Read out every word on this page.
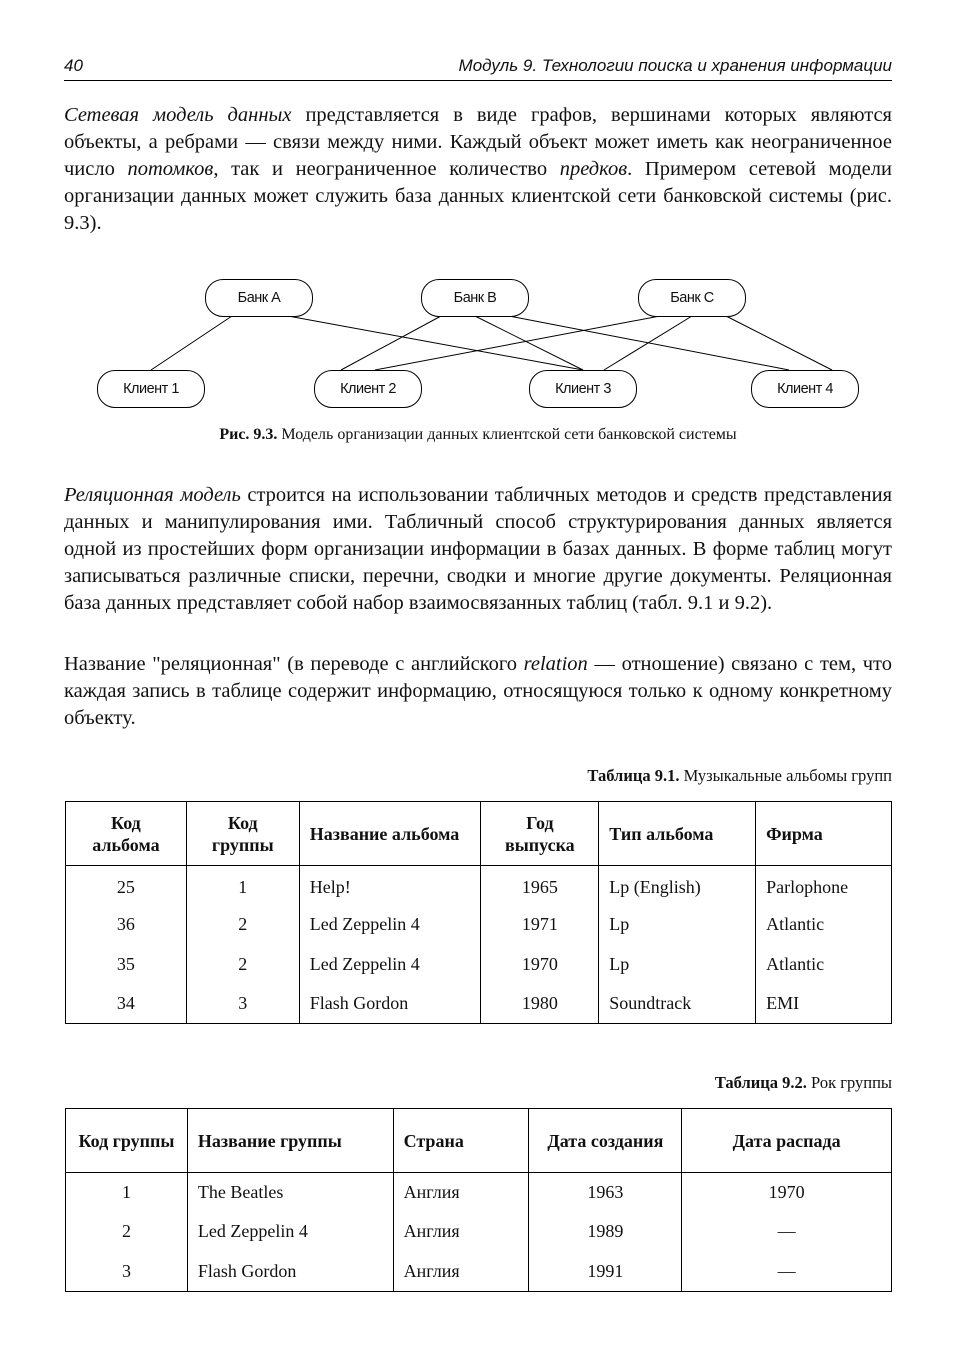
40	Модуль 9. Технологии поиска и хранения информации

Сетевая модель данных представляется в виде графов, вершинами которых являются объекты, а ребрами — связи между ними. Каждый объект может иметь как неограниченное число потомков, так и неограниченное количество предков. Примером сетевой модели организации данных может служить база данных клиентской сети банковской системы (рис. 9.3).

Банк А	Банк В	Банк С
Клиент 1	Клиент 2	Клиент 3	Клиент 4
Рис. 9.3. Модель организации данных клиентской сети банковской системы

Реляционная модель строится на использовании табличных методов и средств представления данных и манипулирования ими. Табличный способ структурирования данных является одной из простейших форм организации информации в базах данных. В форме таблиц могут записываться различные списки, перечни, сводки и многие другие документы. Реляционная база данных представляет собой набор взаимосвязанных таблиц (табл. 9.1 и 9.2).

Название "реляционная" (в переводе с английского relation — отношение) связано с тем, что каждая запись в таблице содержит информацию, относящуюся только к одному конкретному объекту.

Таблица 9.1. Музыкальные альбомы групп
Код альбома	Код группы	Название альбома	Год выпуска	Тип альбома	Фирма
25	1	Help!	1965	Lp (English)	Parlophone
36	2	Led Zeppelin 4	1971	Lp	Atlantic
35	2	Led Zeppelin 4	1970	Lp	Atlantic
34	3	Flash Gordon	1980	Soundtrack	EMI
Таблица 9.2. Рок группы
Код группы	Название группы	Страна	Дата создания	Дата распада
1	The Beatles	Англия	1963	1970
2	Led Zeppelin 4	Англия	1989	—
3	Flash Gordon	Англия	1991	—
